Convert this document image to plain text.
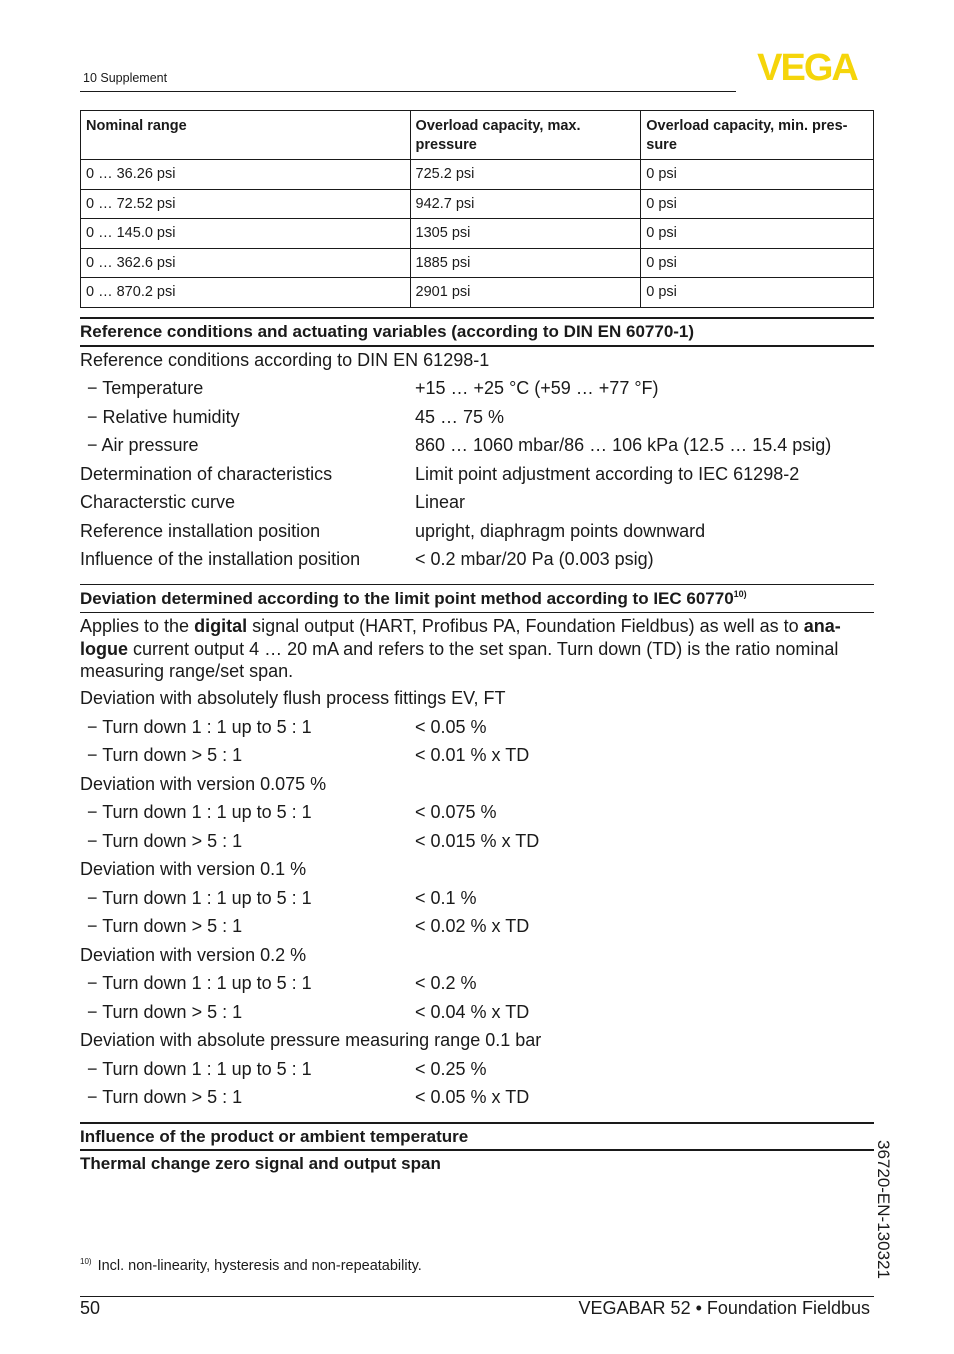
10 Supplement	VEGA
Nominal range	Overload capacity, max. pressure	Overload capacity, min. pres- sure
0 … 36.26 psi	725.2 psi	0 psi
0 … 72.52 psi	942.7 psi	0 psi
0 … 145.0 psi	1305 psi	0 psi
0 … 362.6 psi	1885 psi	0 psi
0 … 870.2 psi	2901 psi	0 psi
Reference conditions and actuating variables (according to DIN EN 60770-1)
Reference conditions according to DIN EN 61298-1
− Temperature	+15 … +25 °C (+59 … +77 °F)
− Relative humidity	45 … 75 %
− Air pressure	860 … 1060 mbar/86 … 106 kPa (12.5 … 15.4 psig)
Determination of characteristics	Limit point adjustment according to IEC 61298-2
Characterstic curve	Linear
Reference installation position	upright, diaphragm points downward
Influence of the installation position	< 0.2 mbar/20 Pa (0.003 psig)
Deviation determined according to the limit point method according to IEC 60770$^{10)}$
Applies to the digital signal output (HART, Profibus PA, Foundation Fieldbus) as well as to ana-logue current output 4 … 20 mA and refers to the set span. Turn down (TD) is the ratio nominal measuring range/set span.
Deviation with absolutely flush process fittings EV, FT
− Turn down 1 : 1 up to 5 : 1	< 0.05 %
− Turn down > 5 : 1	< 0.01 % x TD
Deviation with version 0.075 %
− Turn down 1 : 1 up to 5 : 1	< 0.075 %
− Turn down > 5 : 1	< 0.015 % x TD
Deviation with version 0.1 %
− Turn down 1 : 1 up to 5 : 1	< 0.1 %
− Turn down > 5 : 1	< 0.02 % x TD
Deviation with version 0.2 %
− Turn down 1 : 1 up to 5 : 1	< 0.2 %
− Turn down > 5 : 1	< 0.04 % x TD
Deviation with absolute pressure measuring range 0.1 bar
− Turn down 1 : 1 up to 5 : 1	< 0.25 %
− Turn down > 5 : 1	< 0.05 % x TD
Influence of the product or ambient temperature
Thermal change zero signal and output span
$^{10)}$ Incl. non-linearity, hysteresis and non-repeatability.
50	VEGABAR 52 • Foundation Fieldbus
36720-EN-130321
